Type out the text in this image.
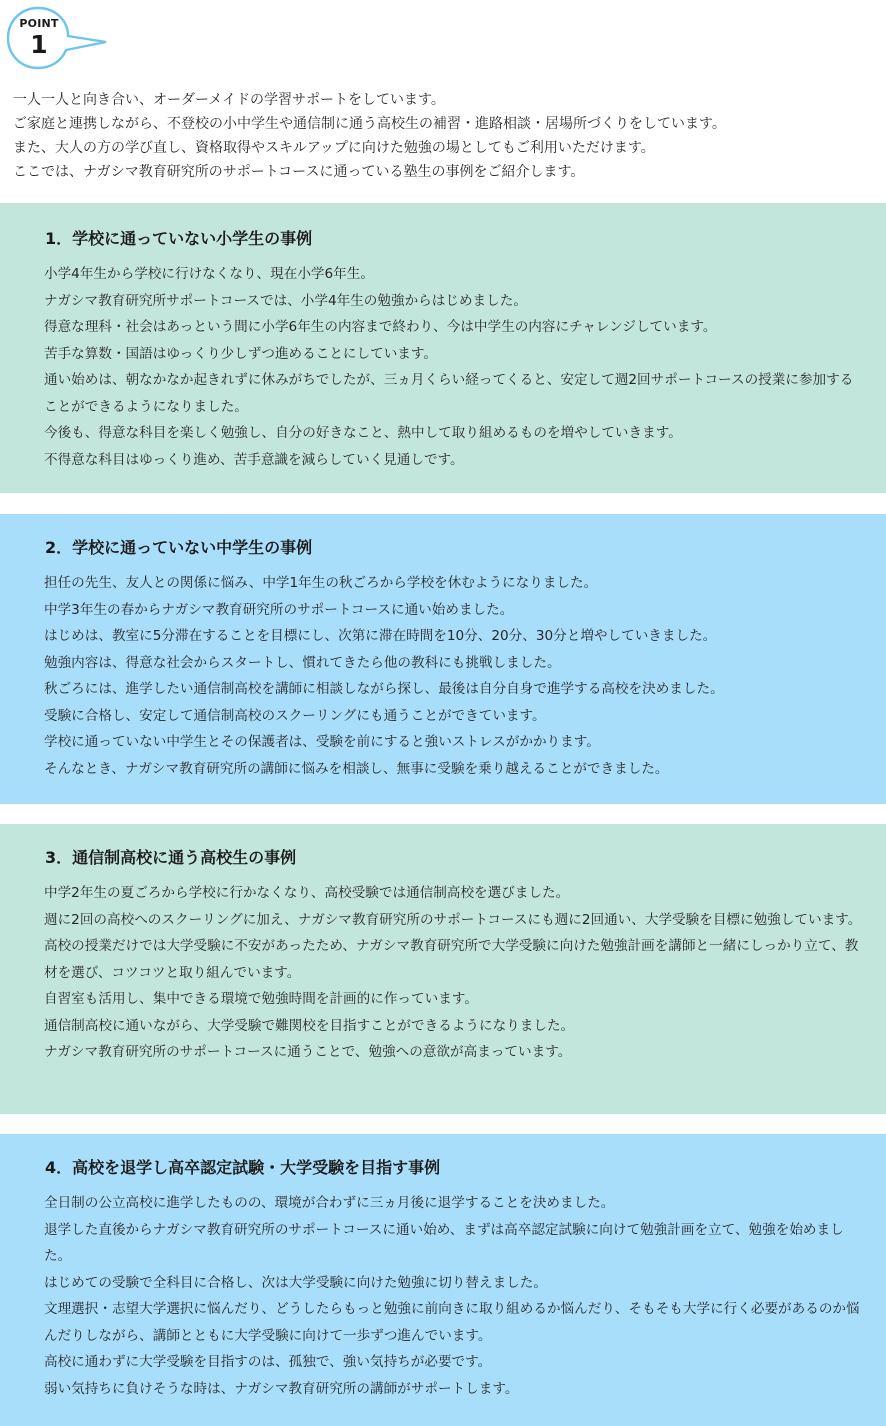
POINT
1

一人一人と向き合い、オーダーメイドの学習サポートをしています。

ご家庭と連携しながら、不登校の小中学生や通信制に通う高校生の補習・進路相談・居場所づくりをしています。

また、大人の方の学び直し、資格取得やスキルアップに向けた勉強の場としてもご利用いただけます。

ここでは、ナガシマ教育研究所のサポートコースに通っている塾生の事例をご紹介します。

1．学校に通っていない小学生の事例

小学4年生から学校に行けなくなり、現在小学6年生。

ナガシマ教育研究所サポートコースでは、小学4年生の勉強からはじめました。

得意な理科・社会はあっという間に小学6年生の内容まで終わり、今は中学生の内容にチャレンジしています。

苦手な算数・国語はゆっくり少しずつ進めることにしています。

通い始めは、朝なかなか起きれずに休みがちでしたが、三ヵ月くらい経ってくると、安定して週2回サポートコースの授業に参加することができるようになりました。

今後も、得意な科目を楽しく勉強し、自分の好きなこと、熱中して取り組めるものを増やしていきます。

不得意な科目はゆっくり進め、苦手意識を減らしていく見通しです。

2．学校に通っていない中学生の事例

担任の先生、友人との関係に悩み、中学1年生の秋ごろから学校を休むようになりました。

中学3年生の春からナガシマ教育研究所のサポートコースに通い始めました。

はじめは、教室に5分滞在することを目標にし、次第に滞在時間を10分、20分、30分と増やしていきました。

勉強内容は、得意な社会からスタートし、慣れてきたら他の教科にも挑戦しました。

秋ごろには、進学したい通信制高校を講師に相談しながら探し、最後は自分自身で進学する高校を決めました。

受験に合格し、安定して通信制高校のスクーリングにも通うことができています。

学校に通っていない中学生とその保護者は、受験を前にすると強いストレスがかかります。

そんなとき、ナガシマ教育研究所の講師に悩みを相談し、無事に受験を乗り越えることができました。

3．通信制高校に通う高校生の事例

中学2年生の夏ごろから学校に行かなくなり、高校受験では通信制高校を選びました。

週に2回の高校へのスクーリングに加え、ナガシマ教育研究所のサポートコースにも週に2回通い、大学受験を目標に勉強しています。

高校の授業だけでは大学受験に不安があったため、ナガシマ教育研究所で大学受験に向けた勉強計画を講師と一緒にしっかり立て、教材を選び、コツコツと取り組んでいます。

自習室も活用し、集中できる環境で勉強時間を計画的に作っています。

通信制高校に通いながら、大学受験で難関校を目指すことができるようになりました。

ナガシマ教育研究所のサポートコースに通うことで、勉強への意欲が高まっています。

4．高校を退学し高卒認定試験・大学受験を目指す事例

全日制の公立高校に進学したものの、環境が合わずに三ヵ月後に退学することを決めました。

退学した直後からナガシマ教育研究所のサポートコースに通い始め、まずは高卒認定試験に向けて勉強計画を立て、勉強を始めました。

はじめての受験で全科目に合格し、次は大学受験に向けた勉強に切り替えました。

文理選択・志望大学選択に悩んだり、どうしたらもっと勉強に前向きに取り組めるか悩んだり、そもそも大学に行く必要があるのか悩んだりしながら、講師とともに大学受験に向けて一歩ずつ進んでいます。

高校に通わずに大学受験を目指すのは、孤独で、強い気持ちが必要です。

弱い気持ちに負けそうな時は、ナガシマ教育研究所の講師がサポートします。
